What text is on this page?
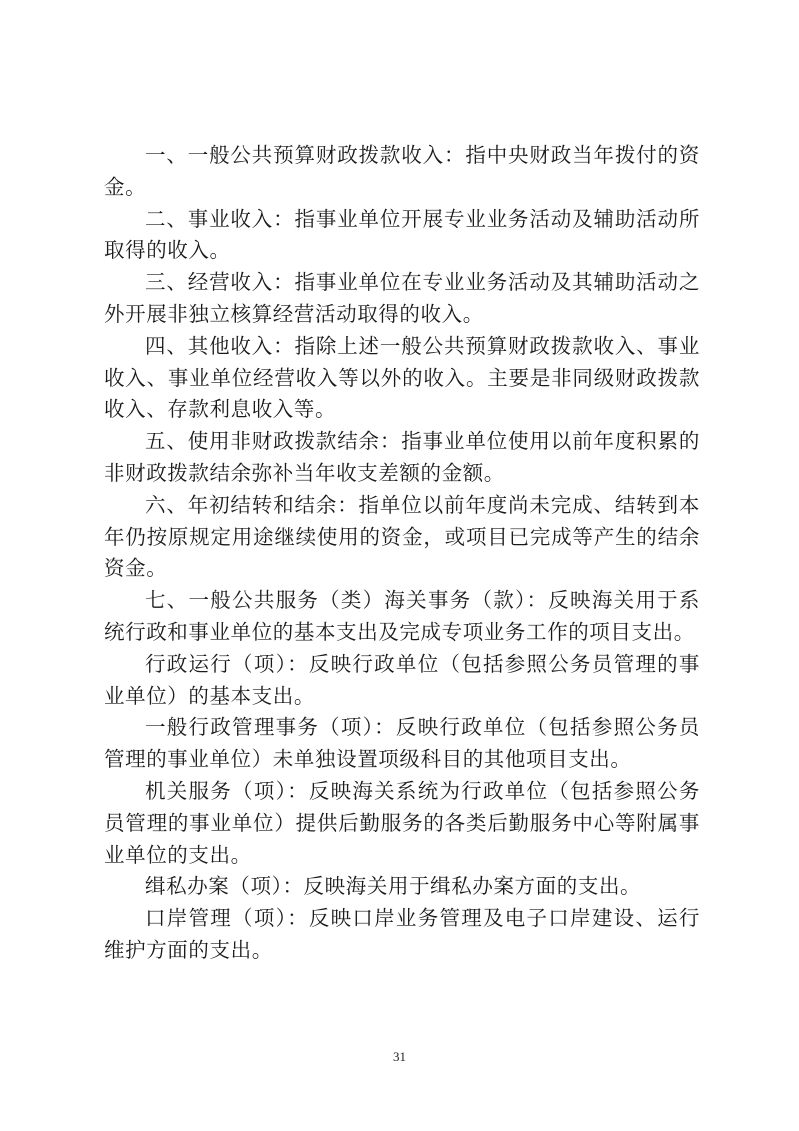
一、一般公共预算财政拨款收入：指中央财政当年拨付的资金。

二、事业收入：指事业单位开展专业业务活动及辅助活动所取得的收入。

三、经营收入：指事业单位在专业业务活动及其辅助活动之外开展非独立核算经营活动取得的收入。

四、其他收入：指除上述一般公共预算财政拨款收入、事业收入、事业单位经营收入等以外的收入。主要是非同级财政拨款收入、存款利息收入等。

五、使用非财政拨款结余：指事业单位使用以前年度积累的非财政拨款结余弥补当年收支差额的金额。

六、年初结转和结余：指单位以前年度尚未完成、结转到本年仍按原规定用途继续使用的资金，或项目已完成等产生的结余资金。

七、一般公共服务（类）海关事务（款）：反映海关用于系统行政和事业单位的基本支出及完成专项业务工作的项目支出。

行政运行（项）：反映行政单位（包括参照公务员管理的事业单位）的基本支出。

一般行政管理事务（项）：反映行政单位（包括参照公务员管理的事业单位）未单独设置项级科目的其他项目支出。

机关服务（项）：反映海关系统为行政单位（包括参照公务员管理的事业单位）提供后勤服务的各类后勤服务中心等附属事业单位的支出。

缉私办案（项）：反映海关用于缉私办案方面的支出。

口岸管理（项）：反映口岸业务管理及电子口岸建设、运行维护方面的支出。

31
